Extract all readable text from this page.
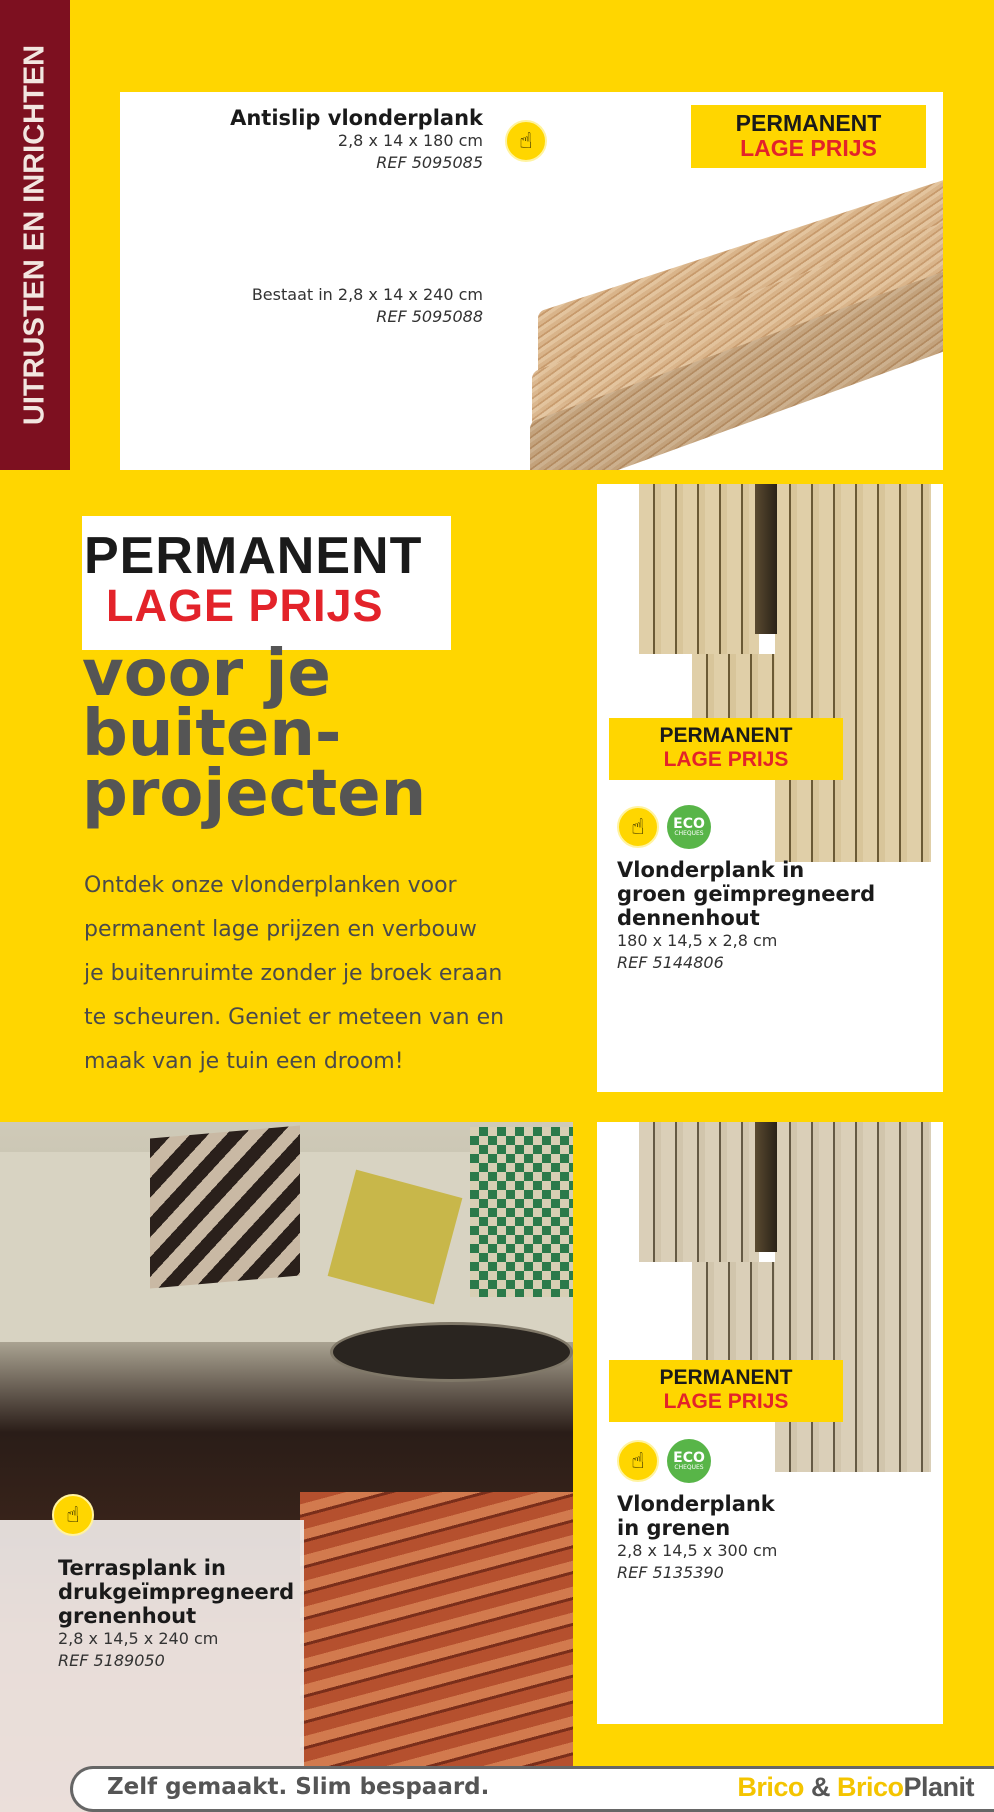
UITRUSTEN EN INRICHTEN	Antislip vlonderplank
2,8 x 14 x 180 cm
REF 5095085
Bestaat in 2,8 x 14 x 240 cm
REF 5095088
☝
PERMANENT
LAGE PRIJS
PERMANENT
LAGE PRIJS
voor je
buiten-
projecten
Ontdek onze vlonderplanken voor
permanent lage prijzen en verbouw
je buitenruimte zonder je broek eraan
te scheuren. Geniet er meteen van en
maak van je tuin een droom!
PERMANENT
LAGE PRIJS
☝	ECO
CHEQUES
Vlonderplank in
groen geïmpregneerd
dennenhout
180 x 14,5 x 2,8 cm
REF 5144806
PERMANENT
LAGE PRIJS
☝	ECO
CHEQUES
Vlonderplank
in grenen
2,8 x 14,5 x 300 cm
REF 5135390
Terrasplank in
drukgeïmpregneerd
grenenhout
2,8 x 14,5 x 240 cm
REF 5189050
☝
Zelf gemaakt. Slim bespaard.	Brico & BricoPlanit
